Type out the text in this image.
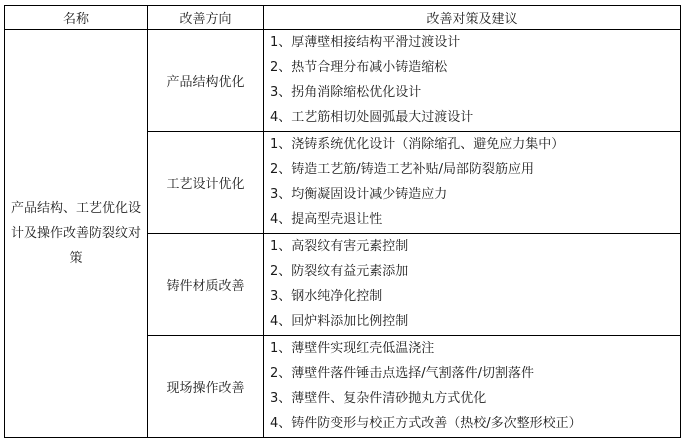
名称	改善方向	改善对策及建议
产品结构、工艺优化设计及操作改善防裂纹对策	产品结构优化	1、厚薄壁相接结构平滑过渡设计
2、热节合理分布减小铸造缩松
3、拐角消除缩松优化设计
4、工艺筋相切处圆弧最大过渡设计

	工艺设计优化	1、浇铸系统优化设计（消除缩孔、避免应力集中）
2、铸造工艺筋/铸造工艺补贴/局部防裂筋应用
3、均衡凝固设计减少铸造应力
4、提高型壳退让性

	铸件材质改善	1、高裂纹有害元素控制
2、防裂纹有益元素添加
3、钢水纯净化控制
4、回炉料添加比例控制

	现场操作改善	1、薄壁件实现红壳低温浇注
2、薄壁件落件锤击点选择/气割落件/切割落件
3、薄壁件、复杂件清砂抛丸方式优化
4、铸件防变形与校正方式改善（热校/多次整形校正）
